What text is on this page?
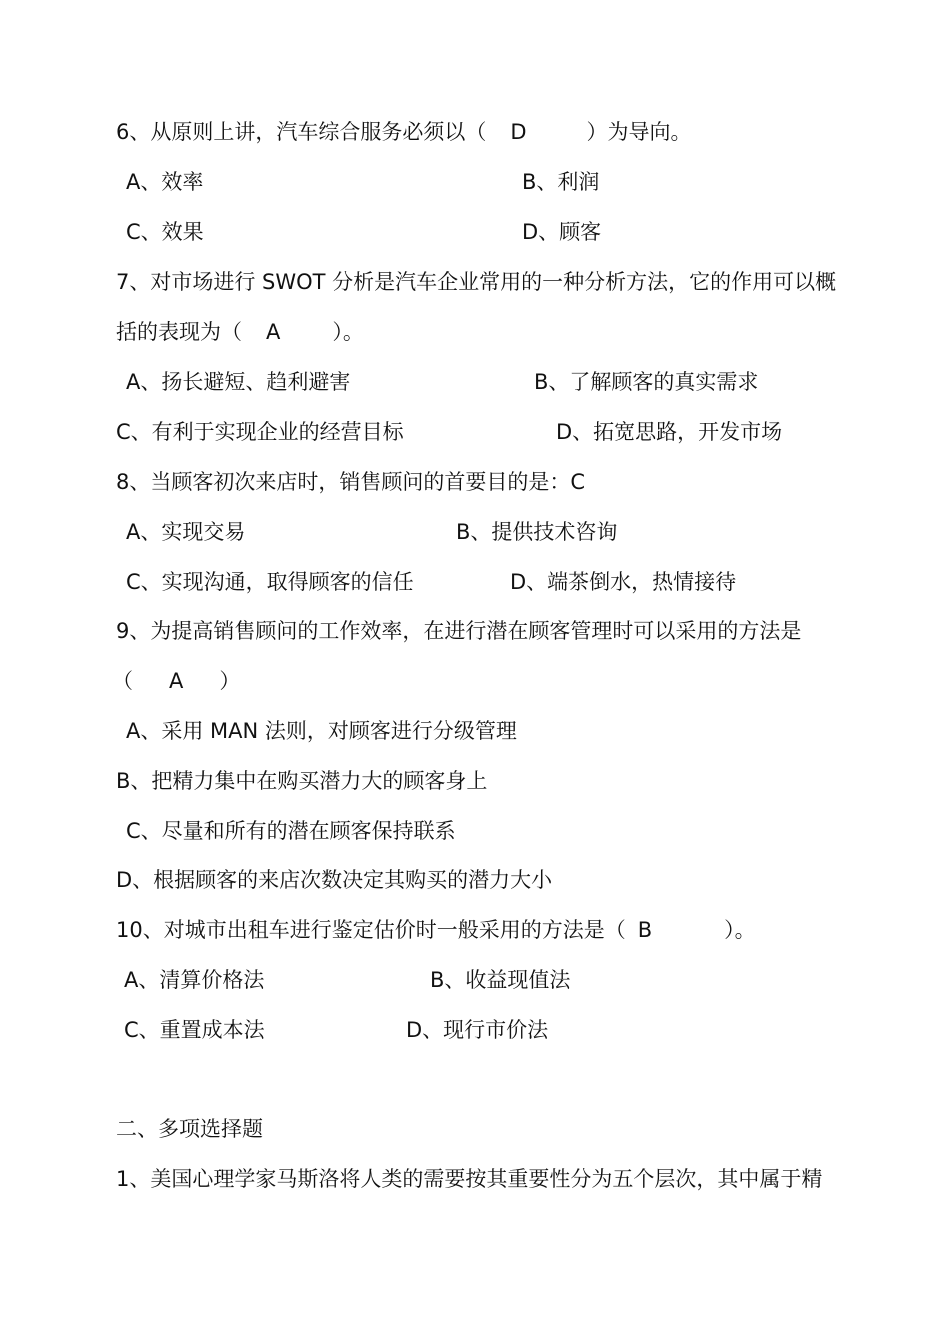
6、从原则上讲，汽车综合服务必须以（ D	）为导向。
A、效率	B、利润
C、效果	D、顾客
7、对市场进行 SWOT 分析是汽车企业常用的一种分析方法，它的作用可以概
括的表现为（ A ）。
A、扬长避短、趋利避害	B、了解顾客的真实需求
C、有利于实现企业的经营目标	D、拓宽思路，开发市场
8、当顾客初次来店时，销售顾问的首要目的是：C
A、实现交易	B、提供技术咨询
C、实现沟通，取得顾客的信任	D、端茶倒水，热情接待
9、为提高销售顾问的工作效率，在进行潜在顾客管理时可以采用的方法是
（ A ）
A、采用 MAN 法则，对顾客进行分级管理
B、把精力集中在购买潜力大的顾客身上
C、尽量和所有的潜在顾客保持联系
D、根据顾客的来店次数决定其购买的潜力大小
10、对城市出租车进行鉴定估价时一般采用的方法是（ B	）。
A、清算价格法	B、收益现值法
C、重置成本法	D、现行市价法
二、多项选择题
1、美国心理学家马斯洛将人类的需要按其重要性分为五个层次，其中属于精
